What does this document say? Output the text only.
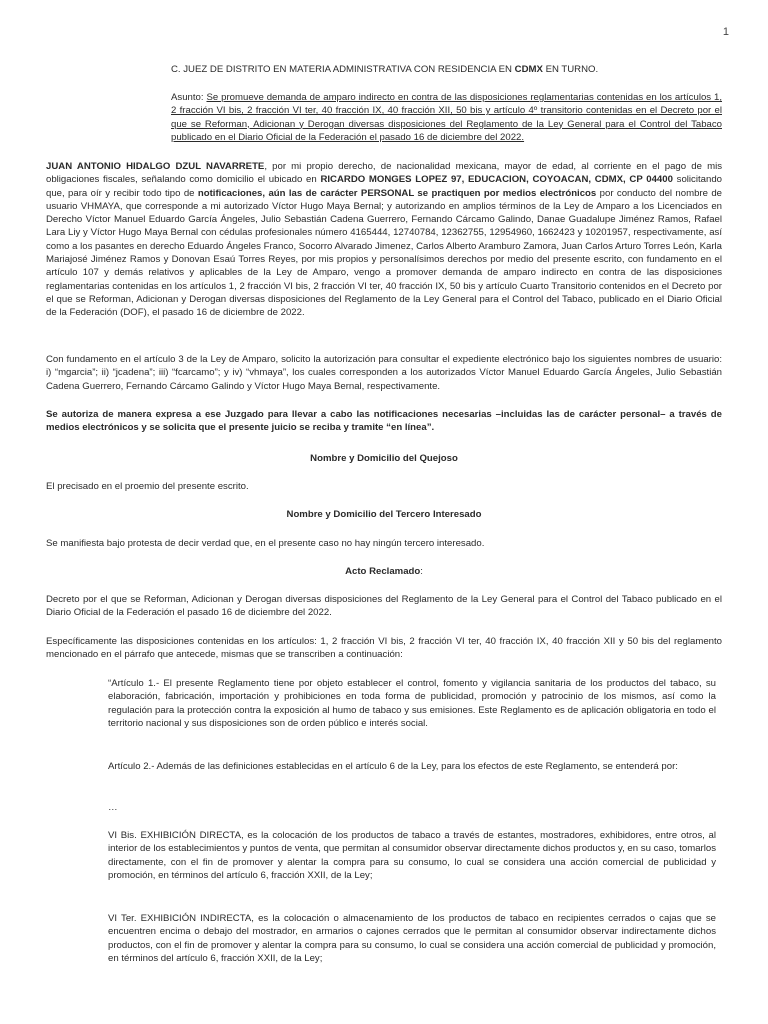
1

C. JUEZ DE DISTRITO EN MATERIA ADMINISTRATIVA CON RESIDENCIA EN CDMX EN TURNO.

Asunto: Se promueve demanda de amparo indirecto en contra de las disposiciones reglamentarias contenidas en los artículos 1, 2 fracción VI bis, 2 fracción VI ter, 40 fracción IX, 40 fracción XII, 50 bis y artículo 4º transitorio contenidas en el Decreto por el que se Reforman, Adicionan y Derogan diversas disposiciones del Reglamento de la Ley General para el Control del Tabaco publicado en el Diario Oficial de la Federación el pasado 16 de diciembre del 2022.

JUAN ANTONIO HIDALGO DZUL NAVARRETE, por mi propio derecho, de nacionalidad mexicana, mayor de edad, al corriente en el pago de mis obligaciones fiscales, señalando como domicilio el ubicado en RICARDO MONGES LOPEZ 97, EDUCACION, COYOACAN, CDMX, CP 04400 solicitando que, para oír y recibir todo tipo de notificaciones, aún las de carácter PERSONAL se practiquen por medios electrónicos por conducto del nombre de usuario VHMAYA, que corresponde a mi autorizado Víctor Hugo Maya Bernal; y autorizando en amplios términos de la Ley de Amparo a los Licenciados en Derecho Víctor Manuel Eduardo García Ángeles, Julio Sebastián Cadena Guerrero, Fernando Cárcamo Galindo, Danae Guadalupe Jiménez Ramos, Rafael Lara Liy y Víctor Hugo Maya Bernal con cédulas profesionales número 4165444, 12740784, 12362755, 12954960, 1662423 y 10201957, respectivamente, así como a los pasantes en derecho Eduardo Ángeles Franco, Socorro Alvarado Jimenez, Carlos Alberto Aramburo Zamora, Juan Carlos Arturo Torres León, Karla Mariajosé Jiménez Ramos y Donovan Esaú Torres Reyes, por mis propios y personalísimos derechos por medio del presente escrito, con fundamento en el artículo 107 y demás relativos y aplicables de la Ley de Amparo, vengo a promover demanda de amparo indirecto en contra de las disposiciones reglamentarias contenidas en los artículos 1, 2 fracción VI bis, 2 fracción VI ter, 40 fracción IX, 50 bis y artículo Cuarto Transitorio contenidos en el Decreto por el que se Reforman, Adicionan y Derogan diversas disposiciones del Reglamento de la Ley General para el Control del Tabaco, publicado en el Diario Oficial de la Federación (DOF), el pasado 16 de diciembre de 2022.

Con fundamento en el artículo 3 de la Ley de Amparo, solicito la autorización para consultar el expediente electrónico bajo los siguientes nombres de usuario: i) “mgarcia”; ii) “jcadena”; iii) “fcarcamo”; y iv) “vhmaya”, los cuales corresponden a los autorizados Víctor Manuel Eduardo García Ángeles, Julio Sebastián Cadena Guerrero, Fernando Cárcamo Galindo y Víctor Hugo Maya Bernal, respectivamente.

Se autoriza de manera expresa a ese Juzgado para llevar a cabo las notificaciones necesarias –incluidas las de carácter personal– a través de medios electrónicos y se solicita que el presente juicio se reciba y tramite “en línea”.

Nombre y Domicilio del Quejoso

El precisado en el proemio del presente escrito.

Nombre y Domicilio del Tercero Interesado

Se manifiesta bajo protesta de decir verdad que, en el presente caso no hay ningún tercero interesado.

Acto Reclamado:

Decreto por el que se Reforman, Adicionan y Derogan diversas disposiciones del Reglamento de la Ley General para el Control del Tabaco publicado en el Diario Oficial de la Federación el pasado 16 de diciembre del 2022.

Específicamente las disposiciones contenidas en los artículos: 1, 2 fracción VI bis, 2 fracción VI ter, 40 fracción IX, 40 fracción XII y 50 bis del reglamento mencionado en el párrafo que antecede, mismas que se transcriben a continuación:

“Artículo 1.- El presente Reglamento tiene por objeto establecer el control, fomento y vigilancia sanitaria de los productos del tabaco, su elaboración, fabricación, importación y prohibiciones en toda forma de publicidad, promoción y patrocinio de los mismos, así como la regulación para la protección contra la exposición al humo de tabaco y sus emisiones. Este Reglamento es de aplicación obligatoria en todo el territorio nacional y sus disposiciones son de orden público e interés social.

Artículo 2.- Además de las definiciones establecidas en el artículo 6 de la Ley, para los efectos de este Reglamento, se entenderá por:

…

VI Bis. EXHIBICIÓN DIRECTA, es la colocación de los productos de tabaco a través de estantes, mostradores, exhibidores, entre otros, al interior de los establecimientos y puntos de venta, que permitan al consumidor observar directamente dichos productos y, en su caso, tomarlos directamente, con el fin de promover y alentar la compra para su consumo, lo cual se considera una acción comercial de publicidad y promoción, en términos del artículo 6, fracción XXII, de la Ley;

VI Ter. EXHIBICIÓN INDIRECTA, es la colocación o almacenamiento de los productos de tabaco en recipientes cerrados o cajas que se encuentren encima o debajo del mostrador, en armarios o cajones cerrados que le permitan al consumidor observar indirectamente dichos productos, con el fin de promover y alentar la compra para su consumo, lo cual se considera una acción comercial de publicidad y promoción, en términos del artículo 6, fracción XXII, de la Ley;
